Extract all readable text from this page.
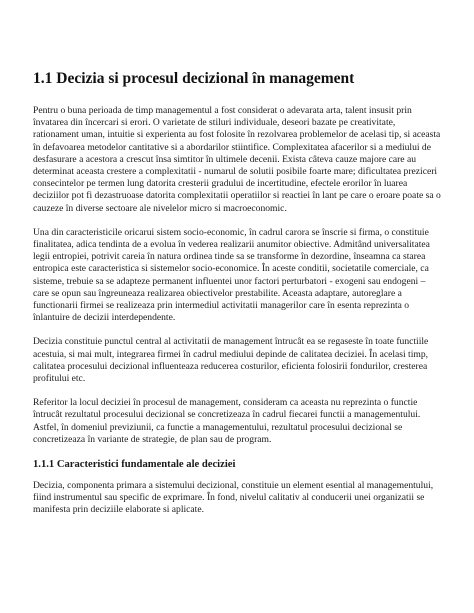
1.1 Decizia si procesul decizional în management

Pentru o buna perioada de timp managementul a fost considerat o adevarata arta, talent insusit prin învatarea din încercari si erori. O varietate de stiluri individuale, deseori bazate pe creativitate, rationament uman, intuitie si experienta au fost folosite în rezolvarea problemelor de acelasi tip, si aceasta în defavoarea metodelor cantitative si a abordarilor stiintifice. Complexitatea afacerilor si a mediului de desfasurare a acestora a crescut însa simtitor în ultimele decenii. Exista câteva cauze majore care au determinat aceasta crestere a complexitatii - numarul de solutii posibile foarte mare; dificultatea preziceri consecintelor pe termen lung datorita cresterii gradului de incertitudine, efectele erorilor în luarea deciziilor pot fi dezastruoase datorita complexitatii operatiilor si reactiei în lant pe care o eroare poate sa o cauzeze în diverse sectoare ale nivelelor micro si macroeconomic.

Una din caracteristicile oricarui sistem socio-economic, în cadrul carora se înscrie si firma, o constituie finalitatea, adica tendinta de a evolua în vederea realizarii anumitor obiective. Admitând universalitatea legii entropiei, potrivit careia în natura ordinea tinde sa se transforme în dezordine, înseamna ca starea entropica este caracteristica si sistemelor socio-economice. În aceste conditii, societatile comerciale, ca sisteme, trebuie sa se adapteze permanent influentei unor factori perturbatori - exogeni sau endogeni – care se opun sau îngreuneaza realizarea obiectivelor prestabilite. Aceasta adaptare, autoreglare a functionarii firmei se realizeaza prin intermediul activitatii managerilor care în esenta reprezinta o înlantuire de decizii interdependente.

Decizia constituie punctul central al activitatii de management întrucât ea se regaseste în toate functiile acestuia, si mai mult, integrarea firmei în cadrul mediului depinde de calitatea deciziei. În acelasi timp, calitatea procesului decizional influenteaza reducerea costurilor, eficienta folosirii fondurilor, cresterea profitului etc.

Referitor la locul deciziei în procesul de management, consideram ca aceasta nu reprezinta o functie întrucât rezultatul procesului decizional se concretizeaza în cadrul fiecarei functii a managementului. Astfel, în domeniul previziunii, ca functie a managementului, rezultatul procesului decizional se concretizeaza în variante de strategie, de plan sau de program.

1.1.1 Caracteristici fundamentale ale deciziei

Decizia, componenta primara a sistemului decizional, constituie un element esential al managementului, fiind instrumentul sau specific de exprimare. În fond, nivelul calitativ al conducerii unei organizatii se manifesta prin deciziile elaborate si aplicate.
